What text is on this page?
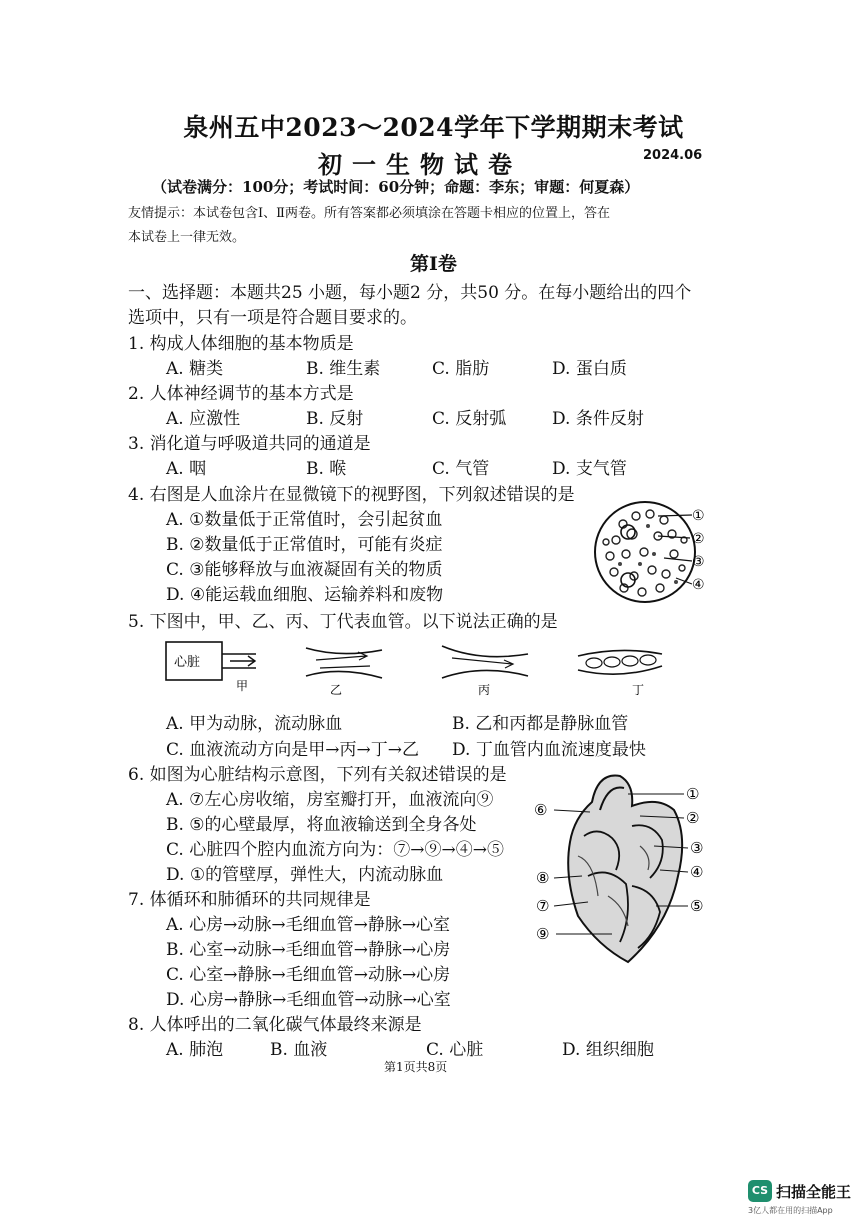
泉州五中2023～2024学年下学期期末考试
初一生物试卷	2024.06
（试卷满分：100分；考试时间：60分钟；命题：李东；审题：何夏森）
友情提示：本试卷包含Ⅰ、Ⅱ两卷。所有答案都必须填涂在答题卡相应的位置上，答在
本试卷上一律无效。
第Ⅰ卷
一、选择题：本题共25 小题，每小题2 分，共50 分。在每小题给出的四个
选项中，只有一项是符合题目要求的。
1. 构成人体细胞的基本物质是
A. 糖类	B. 维生素	C. 脂肪	D. 蛋白质
2. 人体神经调节的基本方式是
A. 应激性	B. 反射	C. 反射弧	D. 条件反射
3. 消化道与呼吸道共同的通道是
A. 咽	B. 喉	C. 气管	D. 支气管
4. 右图是人血涂片在显微镜下的视野图，下列叙述错误的是
A. ①数量低于正常值时，会引起贫血
B. ②数量低于正常值时，可能有炎症
C. ③能够释放与血液凝固有关的物质
D. ④能运载血细胞、运输养料和废物
①
②
③
④
5. 下图中，甲、乙、丙、丁代表血管。以下说法正确的是
心脏
甲	乙	丙	丁
A. 甲为动脉，流动脉血	B. 乙和丙都是静脉血管
C. 血液流动方向是甲→丙→丁→乙 D. 丁血管内血流速度最快
6. 如图为心脏结构示意图，下列有关叙述错误的是
A. ⑦左心房收缩，房室瓣打开，血液流向⑨
B. ⑤的心壁最厚，将血液输送到全身各处
C. 心脏四个腔内血流方向为：⑦→⑨→④→⑤
D. ①的管壁厚，弹性大，内流动脉血
①
②
③
④
⑤
⑥
⑦
⑧
⑨
7. 体循环和肺循环的共同规律是
A. 心房→动脉→毛细血管→静脉→心室
B. 心室→动脉→毛细血管→静脉→心房
C. 心室→静脉→毛细血管→动脉→心房
D. 心房→静脉→毛细血管→动脉→心室
8. 人体呼出的二氧化碳气体最终来源是
A. 肺泡	B. 血液	C. 心脏	D. 组织细胞
第1页共8页
CS 扫描全能王
3亿人都在用的扫描App
